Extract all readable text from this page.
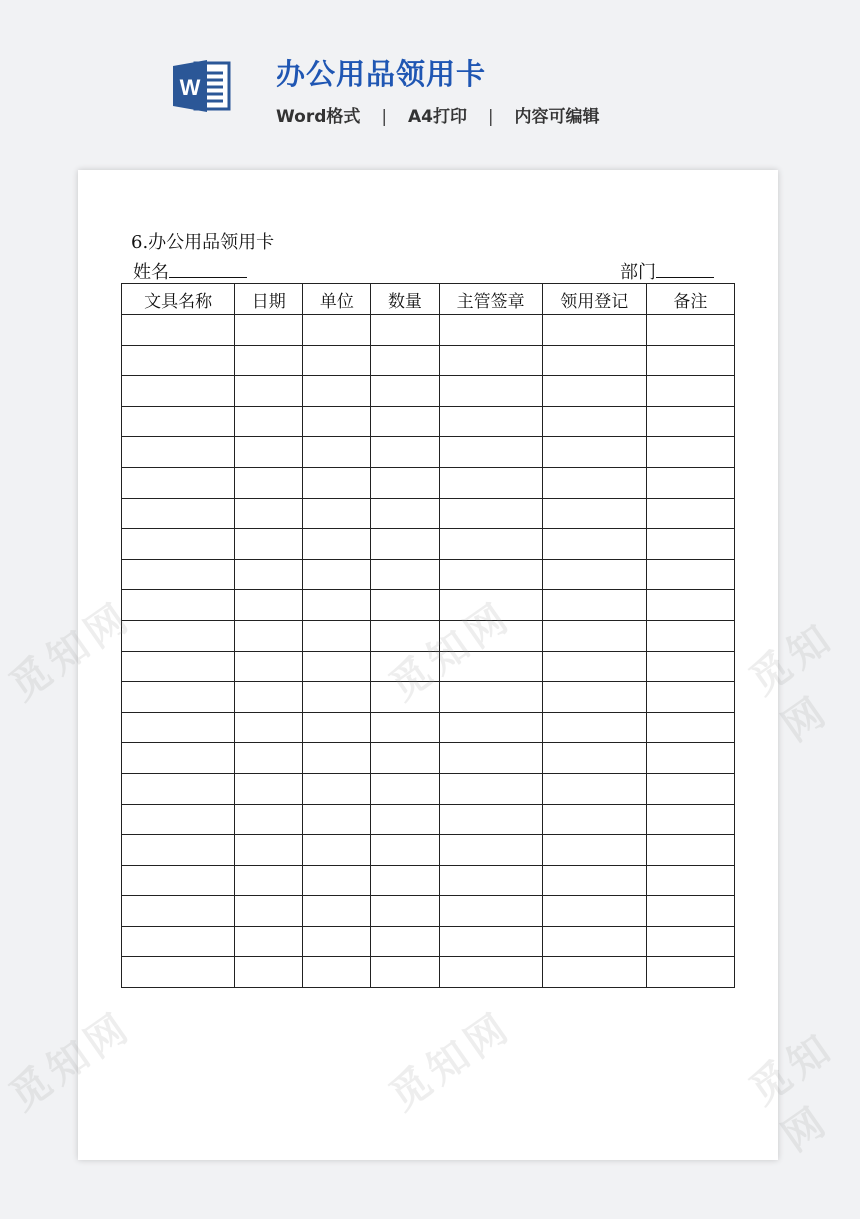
W	办公用品领用卡
Word格式 | A4打印 | 内容可编辑
6.办公用品领用卡
姓名	部门
文具名称	日期	单位	数量	主管签章	领用登记	备注

觅知网	觅知网
觅知网	觅知网
